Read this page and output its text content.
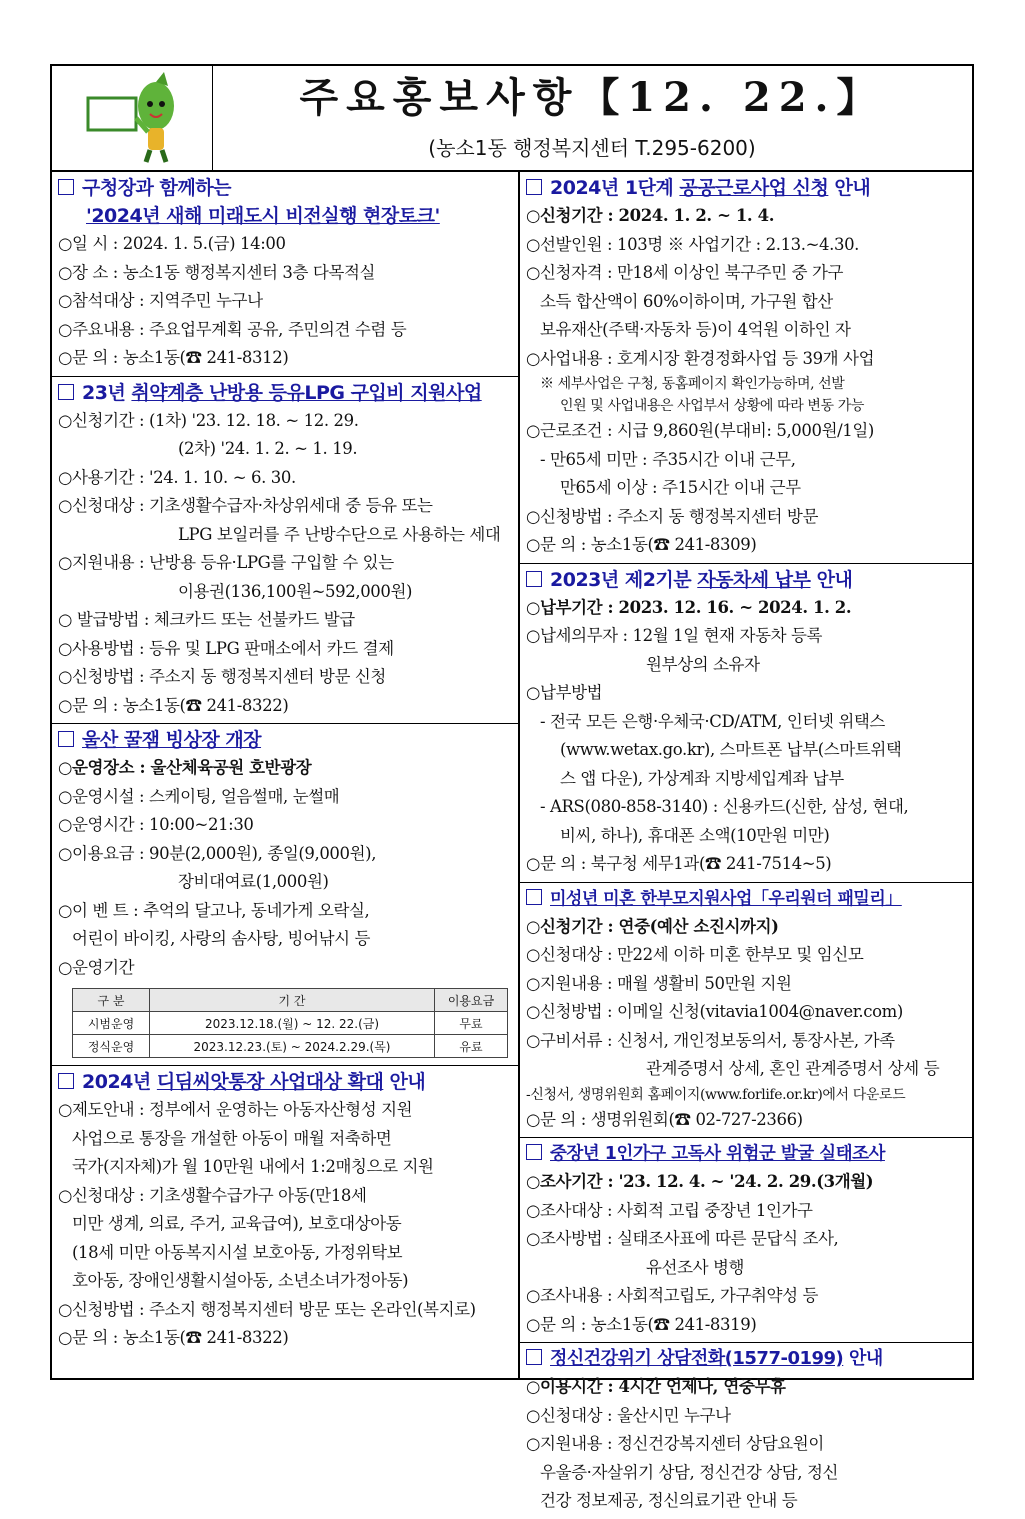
주요홍보사항【12. 22.】
(농소1동 행정복지센터 T.295-6200)
구청장과 함께하는
'2024년 새해 미래도시 비전실행 현장토크'
○일 시 : 2024. 1. 5.(금) 14:00
○장 소 : 농소1동 행정복지센터 3층 다목적실
○참석대상 : 지역주민 누구나
○주요내용 : 주요업무계획 공유, 주민의견 수렴 등
○문 의 : 농소1동(☎ 241-8312)
23년 취약계층 난방용 등유LPG 구입비 지원사업
○신청기간 : (1차) '23. 12. 18. ~ 12. 29.
(2차) '24. 1. 2. ~ 1. 19.
○사용기간 : '24. 1. 10. ~ 6. 30.
○신청대상 : 기초생활수급자·차상위세대 중 등유 또는
LPG 보일러를 주 난방수단으로 사용하는 세대
○지원내용 : 난방용 등유·LPG를 구입할 수 있는
이용권(136,100원~592,000원)
○ 발급방법 : 체크카드 또는 선불카드 발급
○사용방법 : 등유 및 LPG 판매소에서 카드 결제
○신청방법 : 주소지 동 행정복지센터 방문 신청
○문 의 : 농소1동(☎ 241-8322)
울산 꿀잼 빙상장 개장
○운영장소 : 울산체육공원 호반광장
○운영시설 : 스케이팅, 얼음썰매, 눈썰매
○운영시간 : 10:00~21:30
○이용요금 : 90분(2,000원), 종일(9,000원),
장비대여료(1,000원)
○이 벤 트 : 추억의 달고나, 동네가게 오락실,
어린이 바이킹, 사랑의 솜사탕, 빙어낚시 등
○운영기간
구 분	기 간	이용요금
시범운영	2023.12.18.(월) ~ 12. 22.(금)	무료
정식운영	2023.12.23.(토) ~ 2024.2.29.(목)	유료
2024년 디딤씨앗통장 사업대상 확대 안내
○제도안내 : 정부에서 운영하는 아동자산형성 지원
사업으로 통장을 개설한 아동이 매월 저축하면
국가(지자체)가 월 10만원 내에서 1:2매칭으로 지원
○신청대상 : 기초생활수급가구 아동(만18세
미만 생계, 의료, 주거, 교육급여), 보호대상아동
(18세 미만 아동복지시설 보호아동, 가정위탁보
호아동, 장애인생활시설아동, 소년소녀가정아동)
○신청방법 : 주소지 행정복지센터 방문 또는 온라인(복지로)
○문 의 : 농소1동(☎ 241-8322)
2024년 1단계 공공근로사업 신청 안내
○신청기간 : 2024. 1. 2. ~ 1. 4.
○선발인원 : 103명 ※ 사업기간 : 2.13.~4.30.
○신청자격 : 만18세 이상인 북구주민 중 가구
소득 합산액이 60%이하이며, 가구원 합산
보유재산(주택·자동차 등)이 4억원 이하인 자
○사업내용 : 호계시장 환경정화사업 등 39개 사업
※ 세부사업은 구청, 동홈페이지 확인가능하며, 선발
인원 및 사업내용은 사업부서 상황에 따라 변동 가능
○근로조건 : 시급 9,860원(부대비: 5,000원/1일)
- 만65세 미만 : 주35시간 이내 근무,
만65세 이상 : 주15시간 이내 근무
○신청방법 : 주소지 동 행정복지센터 방문
○문 의 : 농소1동(☎ 241-8309)
2023년 제2기분 자동차세 납부 안내
○납부기간 : 2023. 12. 16. ~ 2024. 1. 2.
○납세의무자 : 12월 1일 현재 자동차 등록
원부상의 소유자
○납부방법
- 전국 모든 은행·우체국·CD/ATM, 인터넷 위택스
(www.wetax.go.kr), 스마트폰 납부(스마트위택
스 앱 다운), 가상계좌 지방세입계좌 납부
- ARS(080-858-3140) : 신용카드(신한, 삼성, 현대,
비씨, 하나), 휴대폰 소액(10만원 미만)
○문 의 : 북구청 세무1과(☎ 241-7514~5)
미성년 미혼 한부모지원사업「우리원더 패밀리」
○신청기간 : 연중(예산 소진시까지)
○신청대상 : 만22세 이하 미혼 한부모 및 임신모
○지원내용 : 매월 생활비 50만원 지원
○신청방법 : 이메일 신청(vitavia1004@naver.com)
○구비서류 : 신청서, 개인정보동의서, 통장사본, 가족
관계증명서 상세, 혼인 관계증명서 상세 등
-신청서, 생명위원회 홈페이지(www.forlife.or.kr)에서 다운로드
○문 의 : 생명위원회(☎ 02-727-2366)
중장년 1인가구 고독사 위험군 발굴 실태조사
○조사기간 : '23. 12. 4. ~ '24. 2. 29.(3개월)
○조사대상 : 사회적 고립 중장년 1인가구
○조사방법 : 실태조사표에 따른 문답식 조사,
유선조사 병행
○조사내용 : 사회적고립도, 가구취약성 등
○문 의 : 농소1동(☎ 241-8319)
정신건강위기 상담전화(1577-0199) 안내
○이용시간 : 4시간 언제나, 연중무휴
○신청대상 : 울산시민 누구나
○지원내용 : 정신건강복지센터 상담요원이
우울증·자살위기 상담, 정신건강 상담, 정신
건강 정보제공, 정신의료기관 안내 등
